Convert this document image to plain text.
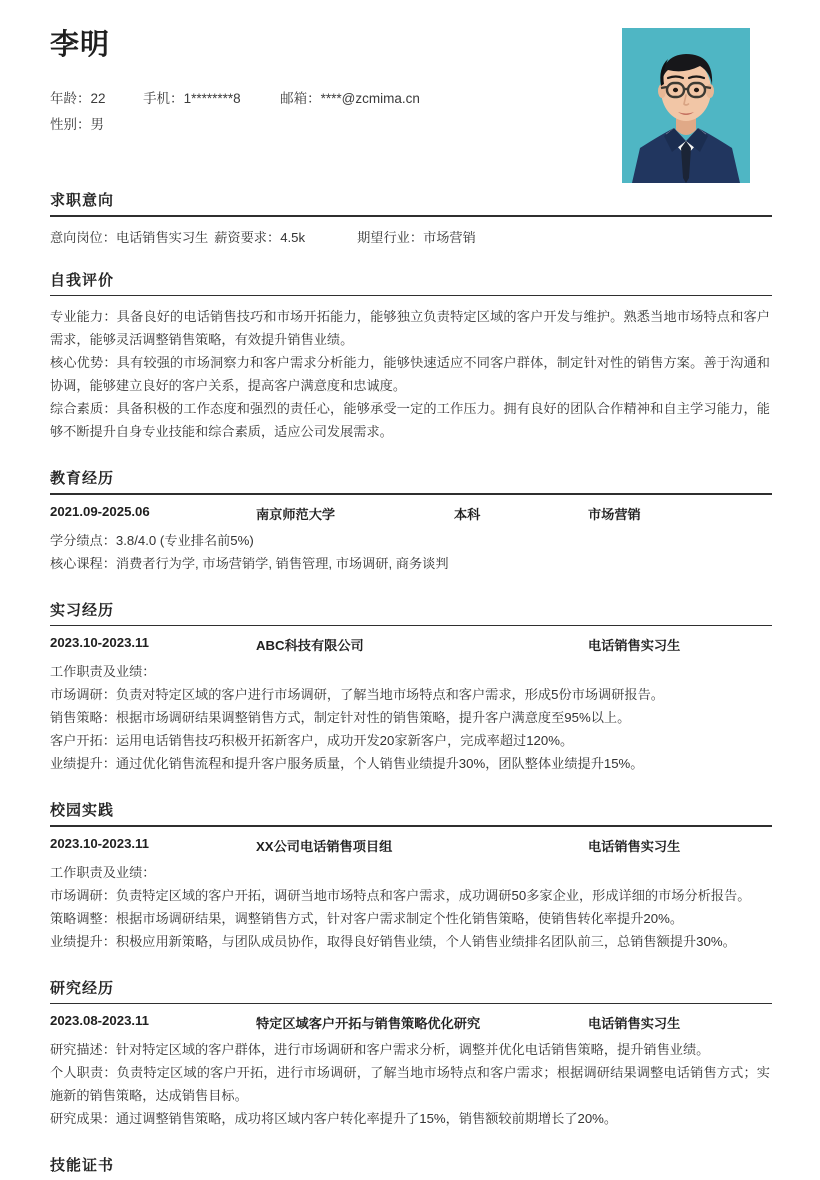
李明
年龄：22	手机：1********8	邮箱：****@zcmima.cn
性别：男
求职意向
意向岗位：电话销售实习生 薪资要求：4.5k	期望行业：市场营销
自我评价
专业能力：具备良好的电话销售技巧和市场开拓能力，能够独立负责特定区域的客户开发与维护。熟悉当地市场特点和客户需求，能够灵活调整销售策略，有效提升销售业绩。
核心优势：具有较强的市场洞察力和客户需求分析能力，能够快速适应不同客户群体，制定针对性的销售方案。善于沟通和协调，能够建立良好的客户关系，提高客户满意度和忠诚度。
综合素质：具备积极的工作态度和强烈的责任心，能够承受一定的工作压力。拥有良好的团队合作精神和自主学习能力，能够不断提升自身专业技能和综合素质，适应公司发展需求。
教育经历
2021.09-2025.06	南京师范大学	本科	市场营销
学分绩点：3.8/4.0 (专业排名前5%)
核心课程：消费者行为学, 市场营销学, 销售管理, 市场调研, 商务谈判
实习经历
2023.10-2023.11	ABC科技有限公司	电话销售实习生
工作职责及业绩：
市场调研：负责对特定区域的客户进行市场调研，了解当地市场特点和客户需求，形成5份市场调研报告。
销售策略：根据市场调研结果调整销售方式，制定针对性的销售策略，提升客户满意度至95%以上。
客户开拓：运用电话销售技巧积极开拓新客户，成功开发20家新客户，完成率超过120%。
业绩提升：通过优化销售流程和提升客户服务质量，个人销售业绩提升30%，团队整体业绩提升15%。
校园实践
2023.10-2023.11	XX公司电话销售项目组	电话销售实习生
工作职责及业绩：
市场调研：负责特定区域的客户开拓，调研当地市场特点和客户需求，成功调研50多家企业，形成详细的市场分析报告。
策略调整：根据市场调研结果，调整销售方式，针对客户需求制定个性化销售策略，使销售转化率提升20%。
业绩提升：积极应用新策略，与团队成员协作，取得良好销售业绩，个人销售业绩排名团队前三，总销售额提升30%。
研究经历
2023.08-2023.11	特定区域客户开拓与销售策略优化研究	电话销售实习生
研究描述：针对特定区域的客户群体，进行市场调研和客户需求分析，调整并优化电话销售策略，提升销售业绩。
个人职责：负责特定区域的客户开拓，进行市场调研，了解当地市场特点和客户需求；根据调研结果调整电话销售方式；实施新的销售策略，达成销售目标。
研究成果：通过调整销售策略，成功将区域内客户转化率提升了15%，销售额较前期增长了20%。
技能证书
